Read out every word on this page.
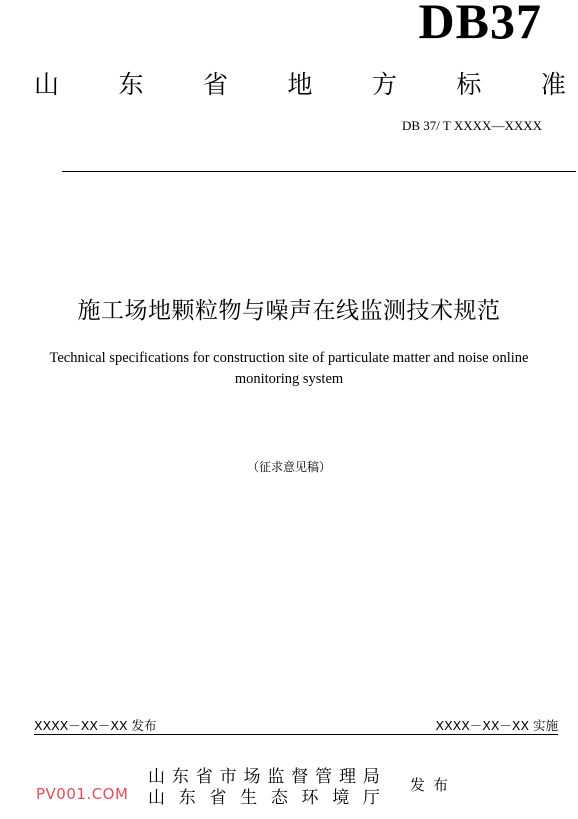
DB37
山 东 省 地 方 标 准
DB 37/ T XXXX—XXXX
施工场地颗粒物与噪声在线监测技术规范
Technical specifications for construction site of particulate matter and noise online
monitoring system
（征求意见稿）
XXXX－XX－XX 发布	XXXX－XX－XX 实施
山 东 省 市 场 监 督 管 理 局
山 东 省 生 态 环 境 厅
发布
PV001.COM
